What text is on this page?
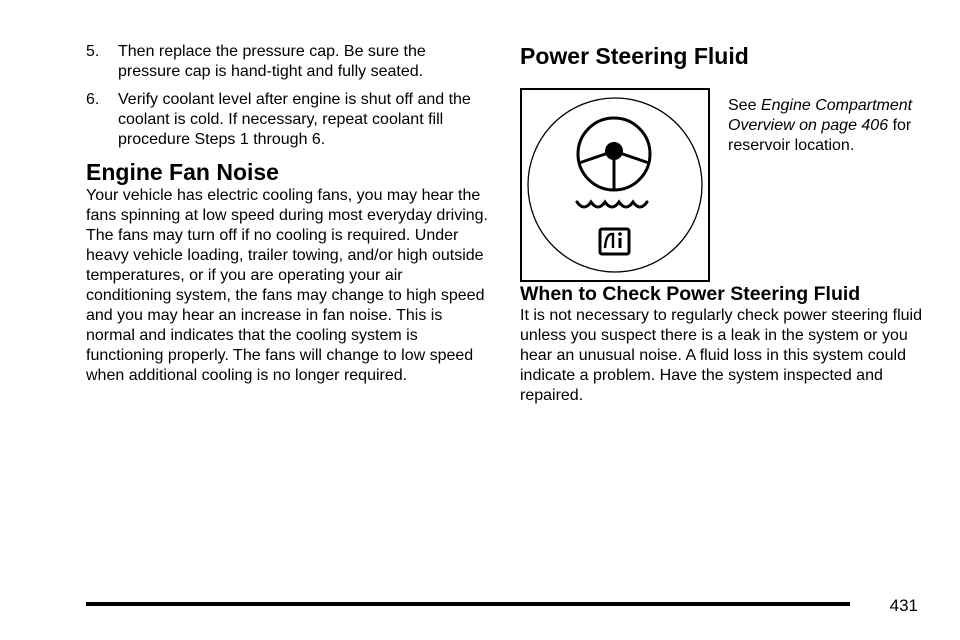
5. Then replace the pressure cap. Be sure the pressure cap is hand-tight and fully seated.
6. Verify coolant level after engine is shut off and the coolant is cold. If necessary, repeat coolant fill procedure Steps 1 through 6.
Engine Fan Noise

Your vehicle has electric cooling fans, you may hear the fans spinning at low speed during most everyday driving. The fans may turn off if no cooling is required. Under heavy vehicle loading, trailer towing, and/or high outside temperatures, or if you are operating your air conditioning system, the fans may change to high speed and you may hear an increase in fan noise. This is normal and indicates that the cooling system is functioning properly. The fans will change to low speed when additional cooling is no longer required.

Power Steering Fluid
See Engine Compartment Overview on page 406 for reservoir location.
When to Check Power Steering Fluid

It is not necessary to regularly check power steering fluid unless you suspect there is a leak in the system or you hear an unusual noise. A fluid loss in this system could indicate a problem. Have the system inspected and repaired.

431
